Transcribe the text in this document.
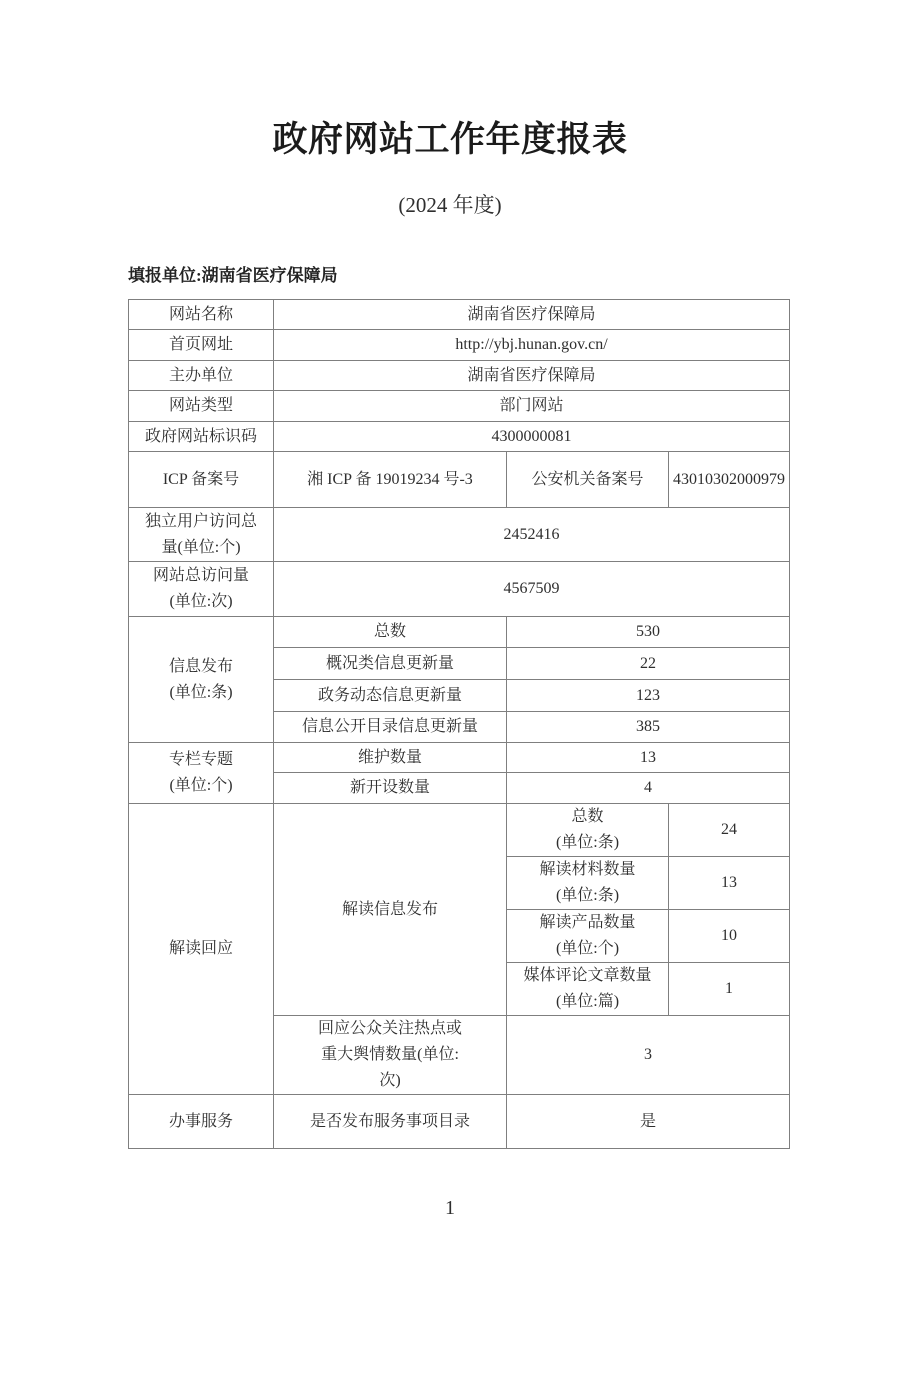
政府网站工作年度报表
(2024 年度)
填报单位:湖南省医疗保障局
网站名称	湖南省医疗保障局		
首页网址	http://ybj.hunan.gov.cn/		
主办单位	湖南省医疗保障局		
网站类型	部门网站		
政府网站标识码	4300000081		
ICP 备案号	湘 ICP 备 19019234 号-3	公安机关备案号	43010302000979

独立用户访问总
量(单位:个)	2452416		

网站总访问量
(单位:次)	4567509		

信息发布
(单位:条)	总数	530	
	概况类信息更新量	22	
	政务动态信息更新量	123	
	信息公开目录信息更新量	385	

专栏专题
(单位:个)	维护数量	13	
	新开设数量	4	
解读回应	解读信息发布	总数
(单位:条)	24

		解读材料数量
(单位:条)	13

		解读产品数量
(单位:个)	10

		媒体评论文章数量
(单位:篇)	1

	回应公众关注热点或
重大舆情数量(单位:
次)	3	
办事服务	是否发布服务事项目录	是	
1
